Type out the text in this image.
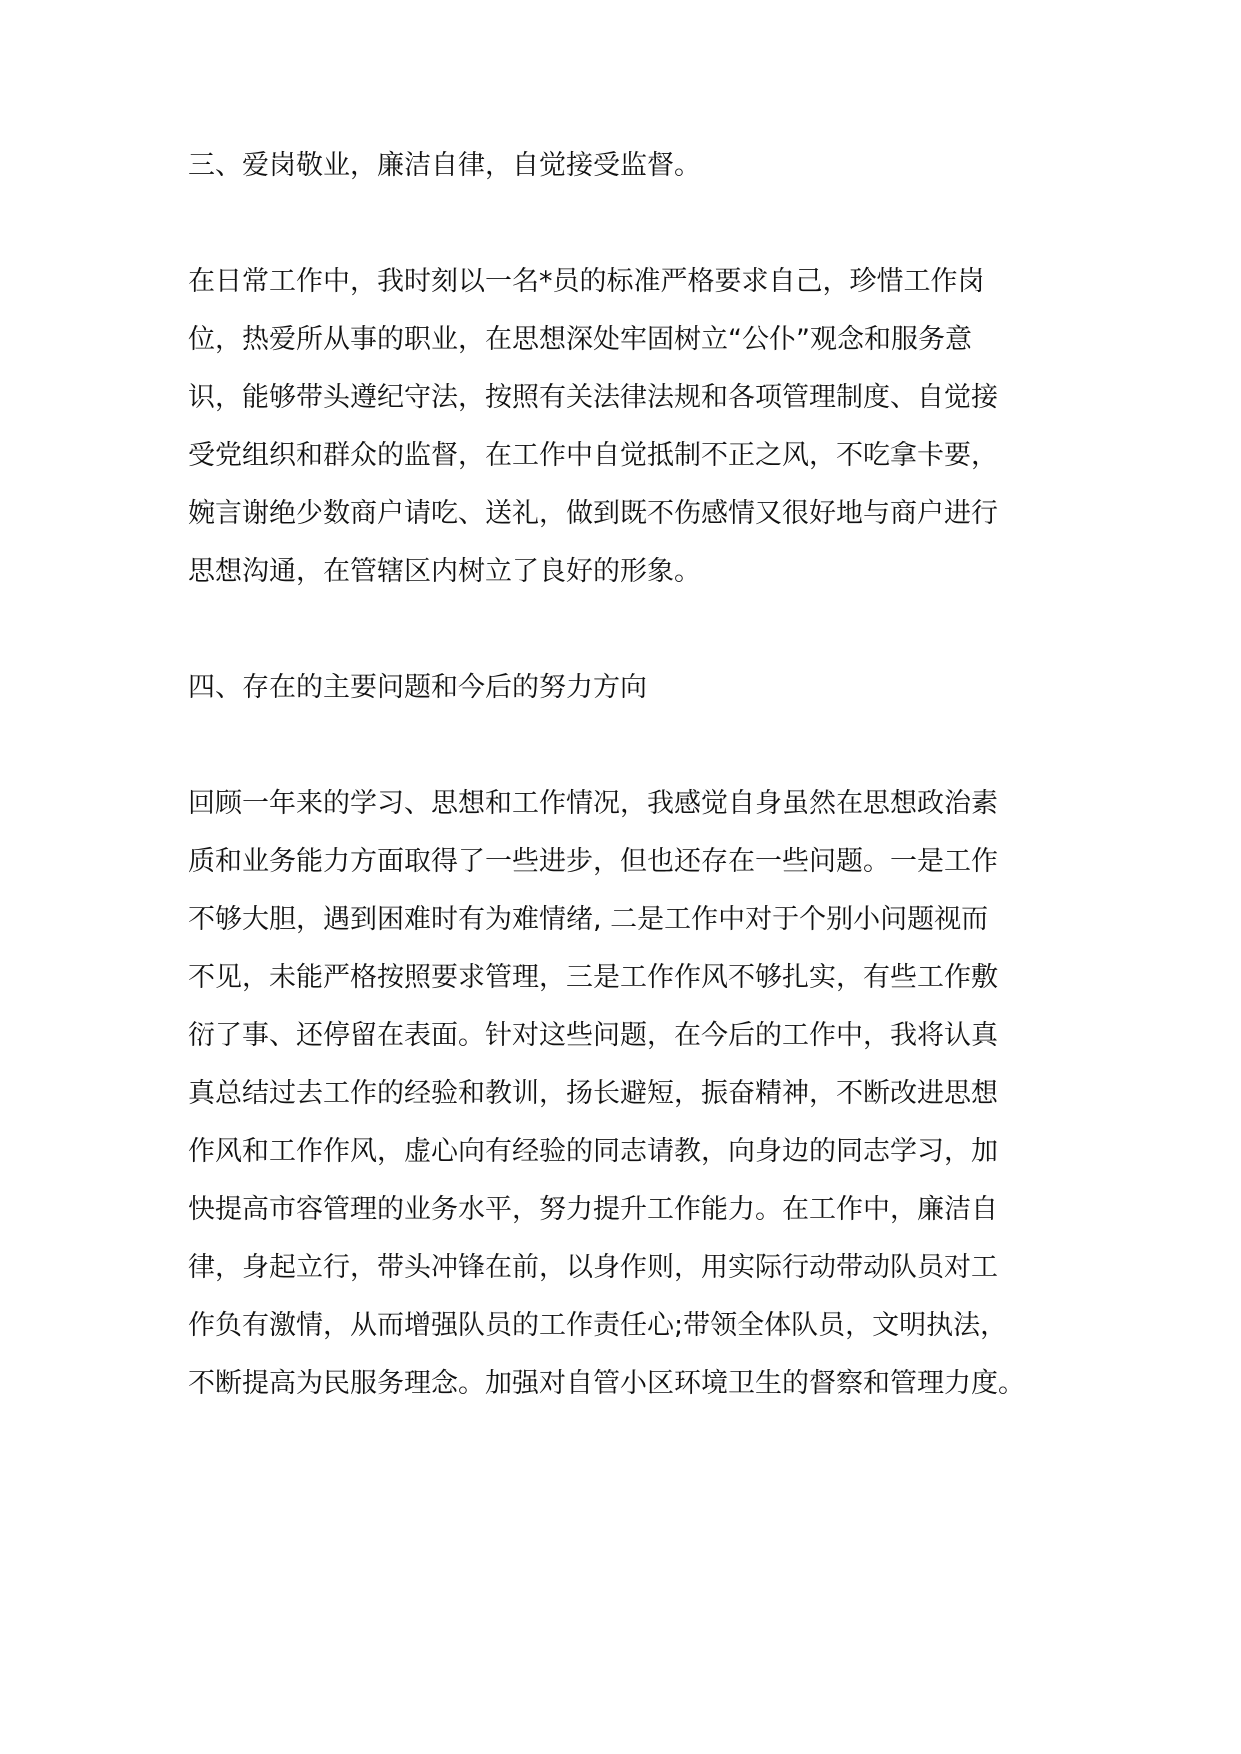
三、爱岗敬业，廉洁自律，自觉接受监督。
在日常工作中，我时刻以一名*员的标准严格要求自己，珍惜工作岗
位，热爱所从事的职业，在思想深处牢固树立“公仆”观念和服务意
识，能够带头遵纪守法，按照有关法律法规和各项管理制度、自觉接
受党组织和群众的监督，在工作中自觉抵制不正之风，不吃拿卡要，
婉言谢绝少数商户请吃、送礼，做到既不伤感情又很好地与商户进行
思想沟通，在管辖区内树立了良好的形象。
四、存在的主要问题和今后的努力方向
回顾一年来的学习、思想和工作情况，我感觉自身虽然在思想政治素
质和业务能力方面取得了一些进步，但也还存在一些问题。一是工作
不够大胆，遇到困难时有为难情绪, 二是工作中对于个别小问题视而
不见，未能严格按照要求管理，三是工作作风不够扎实，有些工作敷
衍了事、还停留在表面。针对这些问题，在今后的工作中，我将认真
真总结过去工作的经验和教训，扬长避短，振奋精神，不断改进思想
作风和工作作风，虚心向有经验的同志请教，向身边的同志学习，加
快提高市容管理的业务水平，努力提升工作能力。在工作中，廉洁自
律，身起立行，带头冲锋在前，以身作则，用实际行动带动队员对工
作负有激情，从而增强队员的工作责任心;带领全体队员，文明执法，
不断提高为民服务理念。加强对自管小区环境卫生的督察和管理力度。
